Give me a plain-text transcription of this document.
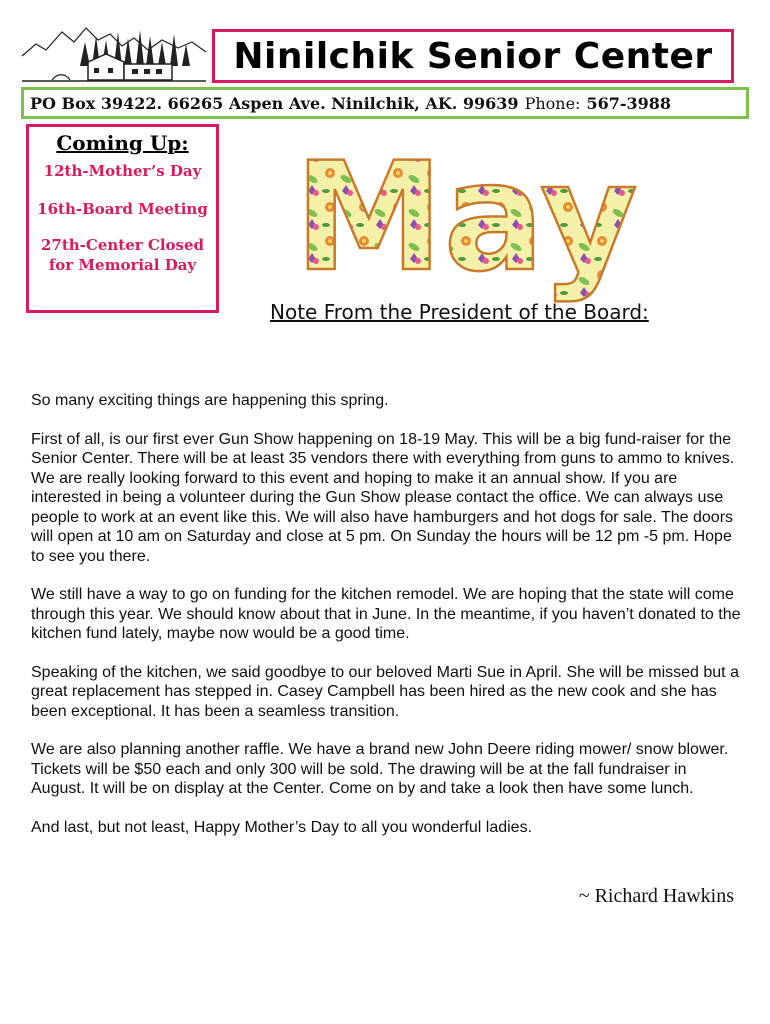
Ninilchik Senior Center
PO Box 39422. 66265 Aspen Ave. Ninilchik, AK. 99639 Phone: 567-3988
Coming Up:
12th-Mother’s Day
16th-Board Meeting
27th-Center Closed for Memorial Day May
Note From the President of the Board:

So many exciting things are happening this spring.

First of all, is our first ever Gun Show happening on 18-19 May. This will be a big fund-raiser for the Senior Center. There will be at least 35 vendors there with everything from guns to ammo to knives. We are really looking forward to this event and hoping to make it an annual show. If you are interested in being a volunteer during the Gun Show please contact the office. We can always use people to work at an event like this. We will also have hamburgers and hot dogs for sale. The doors will open at 10 am on Saturday and close at 5 pm. On Sunday the hours will be 12 pm -5 pm. Hope to see you there.

We still have a way to go on funding for the kitchen remodel. We are hoping that the state will come through this year. We should know about that in June. In the meantime, if you haven’t donated to the kitchen fund lately, maybe now would be a good time.

Speaking of the kitchen, we said goodbye to our beloved Marti Sue in April. She will be missed but a great replacement has stepped in. Casey Campbell has been hired as the new cook and she has been exceptional. It has been a seamless transition.

We are also planning another raffle. We have a brand new John Deere riding mower/ snow blower. Tickets will be $50 each and only 300 will be sold. The drawing will be at the fall fundraiser in August. It will be on display at the Center. Come on by and take a look then have some lunch.

And last, but not least, Happy Mother’s Day to all you wonderful ladies.

~ Richard Hawkins
